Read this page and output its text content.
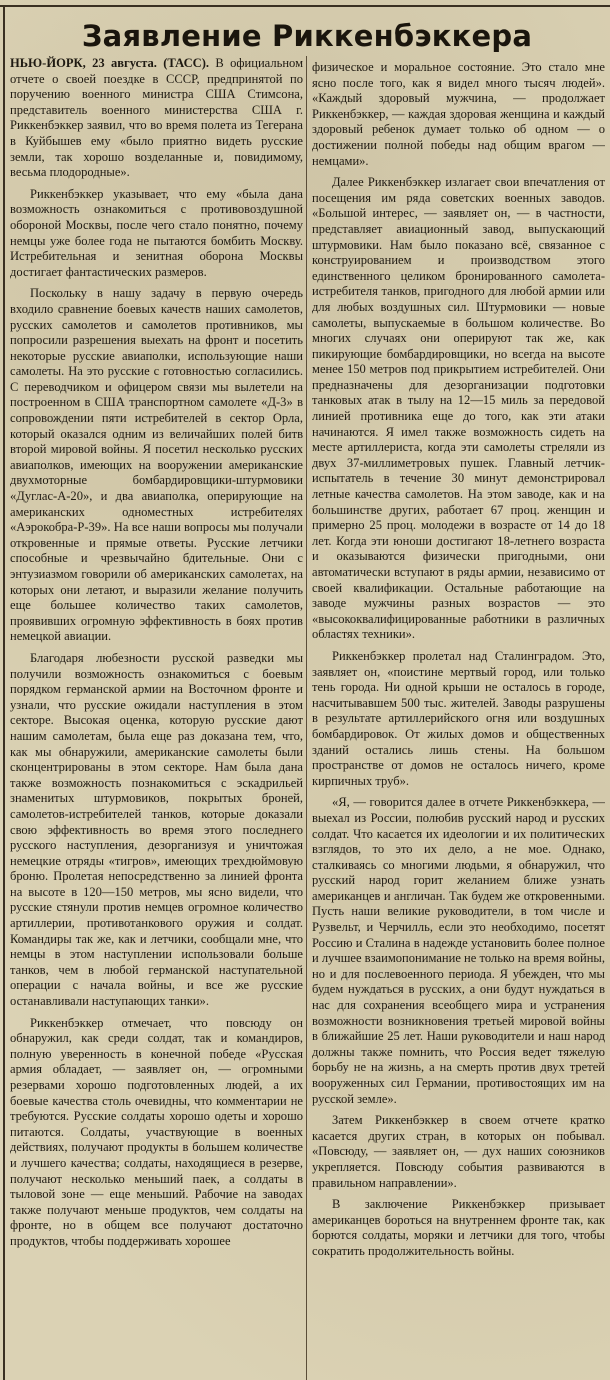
Заявление Риккенбэккера

НЬЮ-ЙОРК, 23 августа. (ТАСС). В официальном отчете о своей поездке в СССР, предпринятой по поручению военного министра США Стимсона, представитель военного министерства США г. Риккенбэккер заявил, что во время полета из Тегерана в Куйбышев ему «было приятно видеть русские земли, так хорошо возделанные и, повидимому, весьма плодородные».

Риккенбэккер указывает, что ему «была дана возможность ознакомиться с противовоздушной обороной Москвы, после чего стало понятно, почему немцы уже более года не пытаются бомбить Москву. Истребительная и зенитная оборона Москвы достигает фантастических размеров.

Поскольку в нашу задачу в первую очередь входило сравнение боевых качеств наших самолетов, русских самолетов и самолетов противников, мы попросили разрешения выехать на фронт и посетить некоторые русские авиаполки, использующие наши самолеты. На это русские с готовностью согласились. С переводчиком и офицером связи мы вылетели на построенном в США транспортном самолете «Д-3» в сопровождении пяти истребителей в сектор Орла, который оказался одним из величайших полей битв второй мировой войны. Я посетил несколько русских авиаполков, имеющих на вооружении американские двухмоторные бомбардировщики-штурмовики «Дуглас-А-20», и два авиаполка, оперирующие на американских одноместных истребителях «Аэрокобра-Р-39». На все наши вопросы мы получали откровенные и прямые ответы. Русские летчики способные и чрезвычайно бдительные. Они с энтузиазмом говорили об американских самолетах, на которых они летают, и выразили желание получить еще большее количество таких самолетов, проявивших огромную эффективность в боях против немецкой авиации.

Благодаря любезности русской разведки мы получили возможность ознакомиться с боевым порядком германской армии на Восточном фронте и узнали, что русские ожидали наступления в этом секторе. Высокая оценка, которую русские дают нашим самолетам, была еще раз доказана тем, что, как мы обнаружили, американские самолеты были сконцентрированы в этом секторе. Нам была дана также возможность познакомиться с эскадрильей знаменитых штурмовиков, покрытых броней, самолетов-истребителей танков, которые доказали свою эффективность во время этого последнего русского наступления, дезорганизуя и уничтожая немецкие отряды «тигров», имеющих трехдюймовую броню. Пролетая непосредственно за линией фронта на высоте в 120—150 метров, мы ясно видели, что русские стянули против немцев огромное количество артиллерии, противотанкового оружия и солдат. Командиры так же, как и летчики, сообщали мне, что немцы в этом наступлении использовали больше танков, чем в любой германской наступательной операции с начала войны, и все же русские останавливали наступающих танки».

Риккенбэккер отмечает, что повсюду он обнаружил, как среди солдат, так и командиров, полную уверенность в конечной победе «Русская армия обладает, — заявляет он, — огромными резервами хорошо подготовленных людей, а их боевые качества столь очевидны, что комментарии не требуются. Русские солдаты хорошо одеты и хорошо питаются. Солдаты, участвующие в военных действиях, получают продукты в большем количестве и лучшего качества; солдаты, находящиеся в резерве, получают несколько меньший паек, а солдаты в тыловой зоне — еще меньший. Рабочие на заводах также получают меньше продуктов, чем солдаты на фронте, но в общем все получают достаточно продуктов, чтобы поддерживать хорошее

физическое и моральное состояние. Это стало мне ясно после того, как я видел много тысяч людей». «Каждый здоровый мужчина, — продолжает Риккенбэккер, — каждая здоровая женщина и каждый здоровый ребенок думает только об одном — о достижении полной победы над общим врагом — немцами».

Далее Риккенбэккер излагает свои впечатления от посещения им ряда советских военных заводов. «Большой интерес, — заявляет он, — в частности, представляет авиационный завод, выпускающий штурмовики. Нам было показано всё, связанное с конструированием и производством этого единственного целиком бронированного самолета-истребителя танков, пригодного для любой армии или для любых воздушных сил. Штурмовики — новые самолеты, выпускаемые в большом количестве. Во многих случаях они оперируют так же, как пикирующие бомбардировщики, но всегда на высоте менее 150 метров под прикрытием истребителей. Они предназначены для дезорганизации подготовки танковых атак в тылу на 12—15 миль за передовой линией противника еще до того, как эти атаки начинаются. Я имел также возможность сидеть на месте артиллериста, когда эти самолеты стреляли из двух 37-миллиметровых пушек. Главный летчик-испытатель в течение 30 минут демонстрировал летные качества самолетов. На этом заводе, как и на большинстве других, работает 67 проц. женщин и примерно 25 проц. молодежи в возрасте от 14 до 18 лет. Когда эти юноши достигают 18-летнего возраста и оказываются физически пригодными, они автоматически вступают в ряды армии, независимо от своей квалификации. Остальные работающие на заводе мужчины разных возрастов — это «высококвалифицированные работники в различных областях техники».

Риккенбэккер пролетал над Сталинградом. Это, заявляет он, «поистине мертвый город, или только тень города. Ни одной крыши не осталось в городе, насчитывавшем 500 тыс. жителей. Заводы разрушены в результате артиллерийского огня или воздушных бомбардировок. От жилых домов и общественных зданий остались лишь стены. На большом пространстве от домов не осталось ничего, кроме кирпичных труб».

«Я, — говорится далее в отчете Риккенбэккера, — выехал из России, полюбив русский народ и русских солдат. Что касается их идеологии и их политических взглядов, то это их дело, а не мое. Однако, сталкиваясь со многими людьми, я обнаружил, что русский народ горит желанием ближе узнать американцев и англичан. Так будем же откровенными. Пусть наши великие руководители, в том числе и Рузвельт, и Черчилль, если это необходимо, посетят Россию и Сталина в надежде установить более полное и лучшее взаимопонимание не только на время войны, но и для послевоенного периода. Я убежден, что мы будем нуждаться в русских, а они будут нуждаться в нас для сохранения всеобщего мира и устранения возможности возникновения третьей мировой войны в ближайшие 25 лет. Наши руководители и наш народ должны также помнить, что Россия ведет тяжелую борьбу не на жизнь, а на смерть против двух третей вооруженных сил Германии, противостоящих им на русской земле».

Затем Риккенбэккер в своем отчете кратко касается других стран, в которых он побывал. «Повсюду, — заявляет он, — дух наших союзников укрепляется. Повсюду события развиваются в правильном направлении».

В заключение Риккенбэккер призывает американцев бороться на внутреннем фронте так, как борются солдаты, моряки и летчики для того, чтобы сократить продолжительность войны.
